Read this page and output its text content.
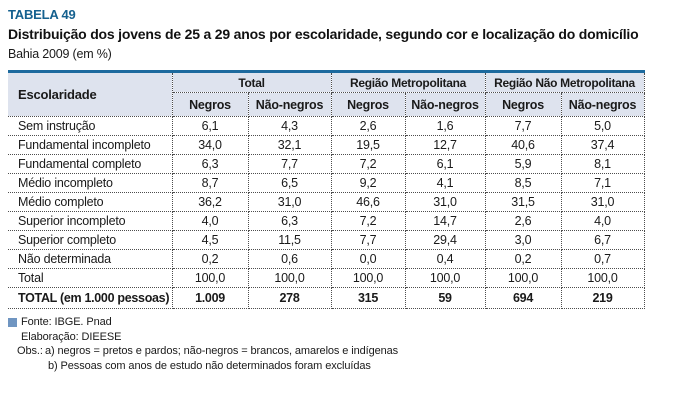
TABELA 49
Distribuição dos jovens de 25 a 29 anos por escolaridade, segundo cor e localização do domicílio
Bahia 2009 (em %)
Escolaridade	Total		Região Metropolitana		Região Não Metropolitana	
	Negros	Não-negros	Negros	Não-negros	Negros	Não-negros
Sem instrução	6,1	4,3	2,6	1,6	7,7	5,0
Fundamental incompleto	34,0	32,1	19,5	12,7	40,6	37,4
Fundamental completo	6,3	7,7	7,2	6,1	5,9	8,1
Médio incompleto	8,7	6,5	9,2	4,1	8,5	7,1
Médio completo	36,2	31,0	46,6	31,0	31,5	31,0
Superior incompleto	4,0	6,3	7,2	14,7	2,6	4,0
Superior completo	4,5	11,5	7,7	29,4	3,0	6,7
Não determinada	0,2	0,6	0,0	0,4	0,2	0,7
Total	100,0	100,0	100,0	100,0	100,0	100,0
TOTAL (em 1.000 pessoas)	1.009	278	315	59	694	219
Fonte: IBGE. Pnad
Elaboração: DIEESE
Obs.: a) negros = pretos e pardos; não-negros = brancos, amarelos e indígenas
b) Pessoas com anos de estudo não determinados foram excluídas
